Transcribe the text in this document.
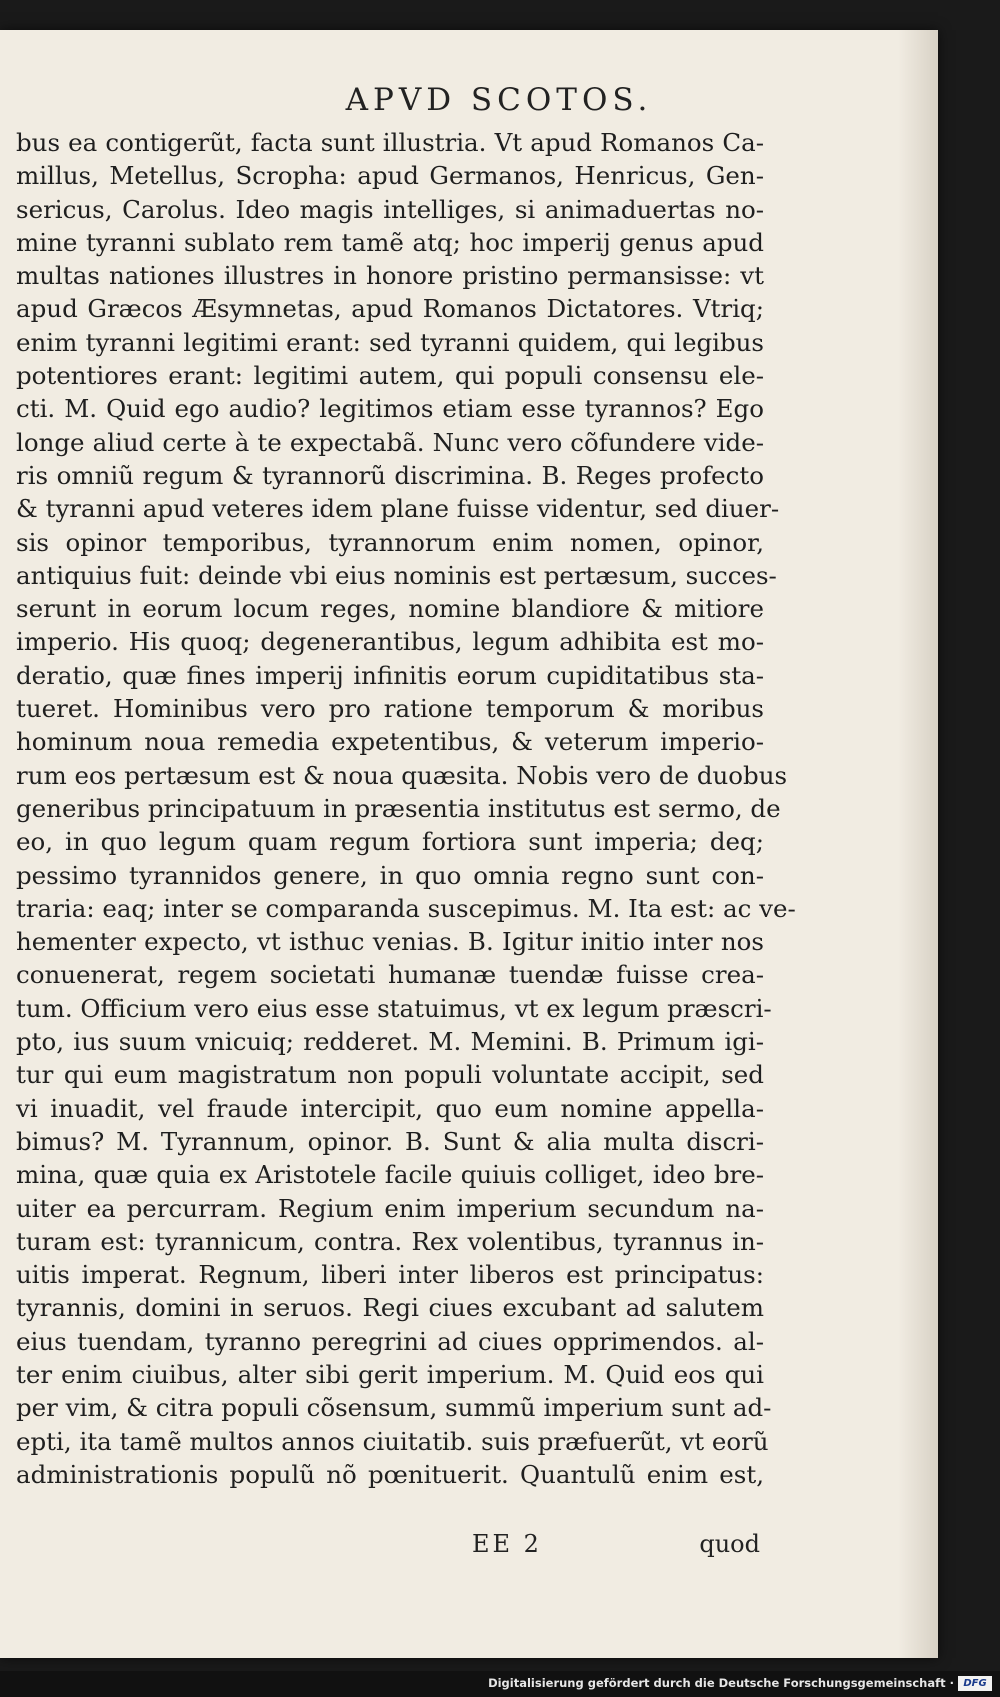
APVD SCOTOS.
bus ea contigerũt, facta sunt illustria. Vt apud Romanos Ca-
millus, Metellus, Scropha: apud Germanos, Henricus, Gen-
sericus, Carolus. Ideo magis intelliges, si animaduertas no-
mine tyranni sublato rem tamẽ atq; hoc imperij genus apud
multas nationes illustres in honore pristino permansisse: vt
apud Græcos Æsymnetas, apud Romanos Dictatores. Vtriq;
enim tyranni legitimi erant: sed tyranni quidem, qui legibus
potentiores erant: legitimi autem, qui populi consensu ele-
cti. M. Quid ego audio? legitimos etiam esse tyrannos? Ego
longe aliud certe à te expectabã. Nunc vero cõfundere vide-
ris omniũ regum & tyrannorũ discrimina. B. Reges profecto
& tyranni apud veteres idem plane fuisse videntur, sed diuer-
sis opinor temporibus, tyrannorum enim nomen, opinor,
antiquius fuit: deinde vbi eius nominis est pertæsum, succes-
serunt in eorum locum reges, nomine blandiore & mitiore
imperio. His quoq; degenerantibus, legum adhibita est mo-
deratio, quæ fines imperij infinitis eorum cupiditatibus sta-
tueret. Hominibus vero pro ratione temporum & moribus
hominum noua remedia expetentibus, & veterum imperio-
rum eos pertæsum est & noua quæsita. Nobis vero de duobus
generibus principatuum in præsentia institutus est sermo, de
eo, in quo legum quam regum fortiora sunt imperia; deq;
pessimo tyrannidos genere, in quo omnia regno sunt con-
traria: eaq; inter se comparanda suscepimus. M. Ita est: ac ve-
hementer expecto, vt isthuc venias. B. Igitur initio inter nos
conuenerat, regem societati humanæ tuendæ fuisse crea-
tum. Officium vero eius esse statuimus, vt ex legum præscri-
pto, ius suum vnicuiq; redderet. M. Memini. B. Primum igi-
tur qui eum magistratum non populi voluntate accipit, sed
vi inuadit, vel fraude intercipit, quo eum nomine appella-
bimus? M. Tyrannum, opinor. B. Sunt & alia multa discri-
mina, quæ quia ex Aristotele facile quiuis colliget, ideo bre-
uiter ea percurram. Regium enim imperium secundum na-
turam est: tyrannicum, contra. Rex volentibus, tyrannus in-
uitis imperat. Regnum, liberi inter liberos est principatus:
tyrannis, domini in seruos. Regi ciues excubant ad salutem
eius tuendam, tyranno peregrini ad ciues opprimendos. al-
ter enim ciuibus, alter sibi gerit imperium. M. Quid eos qui
per vim, & citra populi cõsensum, summũ imperium sunt ad-
epti, ita tamẽ multos annos ciuitatib. suis præfuerũt, vt eorũ
administrationis populũ nõ pœnituerit. Quantulũ enim est,
EE 2	quod
Digitalisierung gefördert durch die Deutsche Forschungsgemeinschaft · DFG
